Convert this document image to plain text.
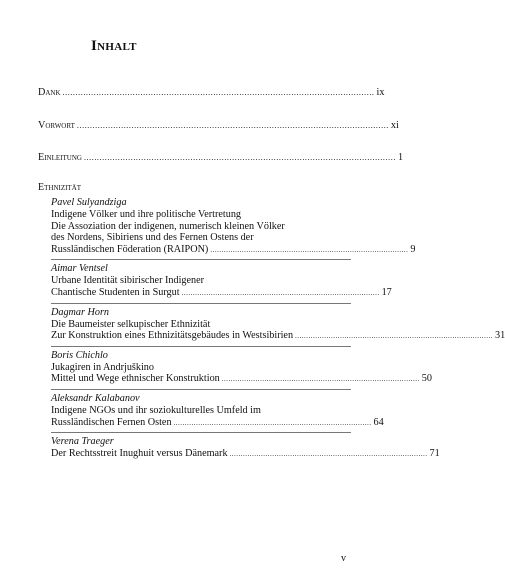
Inhalt
Dank ........................................................................................................................ ix
Vorwort ........................................................................................................................ xi
Einleitung ........................................................................................................................ 1
Ethnizität
Pavel Sulyandziga
Indigene Völker und ihre politische Vertretung
Die Assoziation der indigenen, numerisch kleinen Völker
des Nordens, Sibiriens und des Fernen Ostens der
Russländischen Föderation (RAIPON) ........................................................................................ 9
Aimar Ventsel
Urbane Identität sibirischer Indigener
Chantische Studenten in Surgut ........................................................................................ 17
Dagmar Horn
Die Baumeister selkupischer Ethnizität
Zur Konstruktion eines Ethnizitätsgebäudes in Westsibirien ........................................................................................ 31
Boris Chichlo
Jukagiren in Andrjuškino
Mittel und Wege ethnischer Konstruktion ........................................................................................ 50
Aleksandr Kalabanov
Indigene NGOs und ihr soziokulturelles Umfeld im
Russländischen Fernen Osten ........................................................................................ 64
Verena Traeger
Der Rechtsstreit Inughuit versus Dänemark ........................................................................................ 71
v
